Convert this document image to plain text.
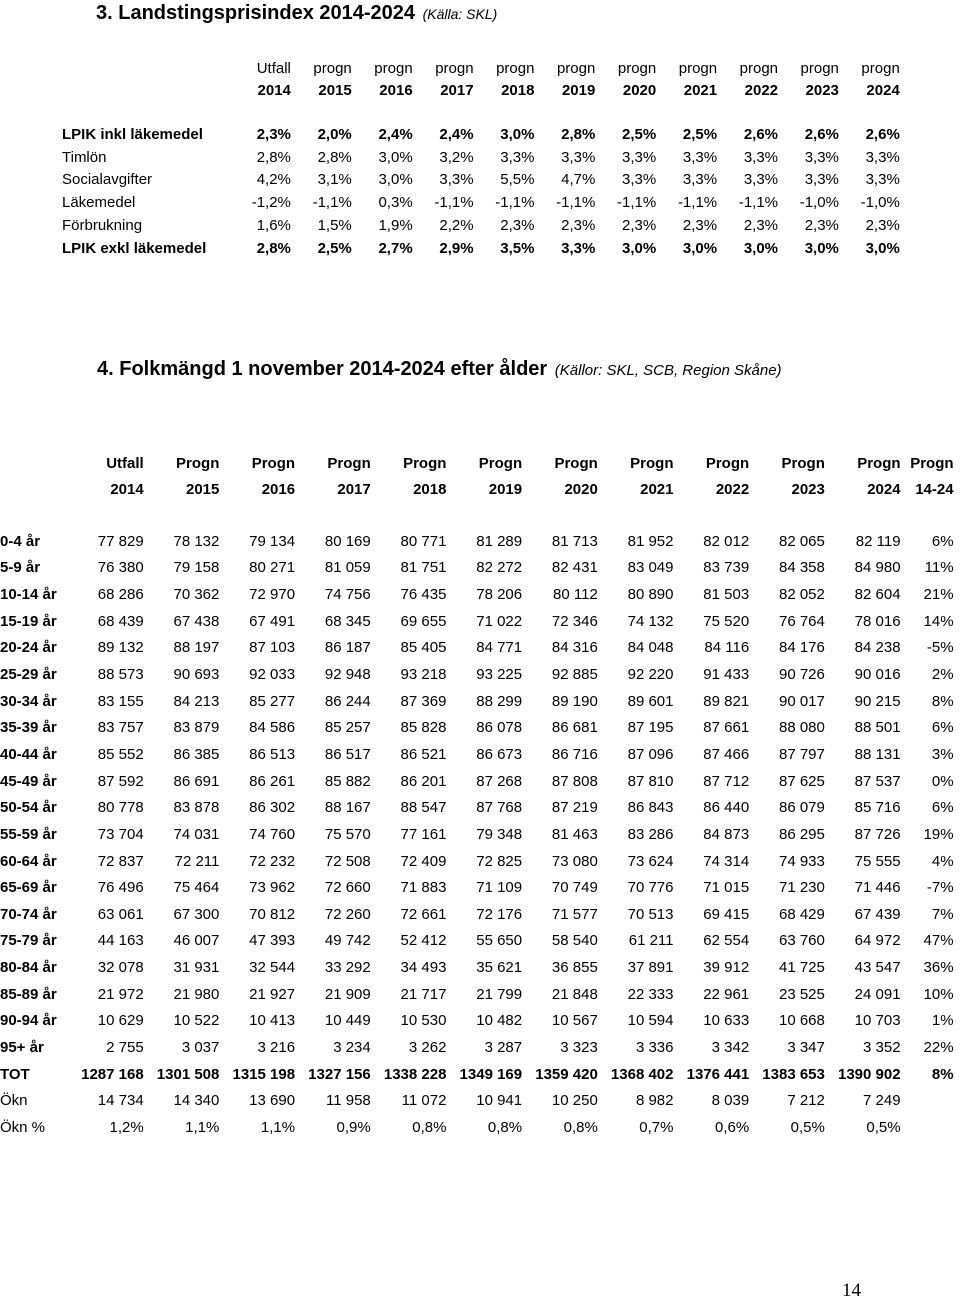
3. Landstingsprisindex 2014-2024 (Källa: SKL)
	Utfall	progn	progn	progn	progn	progn	progn	progn	progn	progn	progn
	2014	2015	2016	2017	2018	2019	2020	2021	2022	2023	2024

LPIK inkl läkemedel	2,3%	2,0%	2,4%	2,4%	3,0%	2,8%	2,5%	2,5%	2,6%	2,6%	2,6%
Timlön	2,8%	2,8%	3,0%	3,2%	3,3%	3,3%	3,3%	3,3%	3,3%	3,3%	3,3%
Socialavgifter	4,2%	3,1%	3,0%	3,3%	5,5%	4,7%	3,3%	3,3%	3,3%	3,3%	3,3%
Läkemedel	-1,2%	-1,1%	0,3%	-1,1%	-1,1%	-1,1%	-1,1%	-1,1%	-1,1%	-1,0%	-1,0%
Förbrukning	1,6%	1,5%	1,9%	2,2%	2,3%	2,3%	2,3%	2,3%	2,3%	2,3%	2,3%
LPIK exkl läkemedel	2,8%	2,5%	2,7%	2,9%	3,5%	3,3%	3,0%	3,0%	3,0%	3,0%	3,0%
4. Folkmängd 1 november 2014-2024 efter ålder (Källor: SKL, SCB, Region Skåne)
	Utfall	Progn	Progn	Progn	Progn	Progn	Progn	Progn	Progn	Progn	Progn	Progn
	2014	2015	2016	2017	2018	2019	2020	2021	2022	2023	2024	14-24

0-4 år	77 829	78 132	79 134	80 169	80 771	81 289	81 713	81 952	82 012	82 065	82 119	6%
5-9 år	76 380	79 158	80 271	81 059	81 751	82 272	82 431	83 049	83 739	84 358	84 980	11%
10-14 år	68 286	70 362	72 970	74 756	76 435	78 206	80 112	80 890	81 503	82 052	82 604	21%
15-19 år	68 439	67 438	67 491	68 345	69 655	71 022	72 346	74 132	75 520	76 764	78 016	14%
20-24 år	89 132	88 197	87 103	86 187	85 405	84 771	84 316	84 048	84 116	84 176	84 238	-5%
25-29 år	88 573	90 693	92 033	92 948	93 218	93 225	92 885	92 220	91 433	90 726	90 016	2%
30-34 år	83 155	84 213	85 277	86 244	87 369	88 299	89 190	89 601	89 821	90 017	90 215	8%
35-39 år	83 757	83 879	84 586	85 257	85 828	86 078	86 681	87 195	87 661	88 080	88 501	6%
40-44 år	85 552	86 385	86 513	86 517	86 521	86 673	86 716	87 096	87 466	87 797	88 131	3%
45-49 år	87 592	86 691	86 261	85 882	86 201	87 268	87 808	87 810	87 712	87 625	87 537	0%
50-54 år	80 778	83 878	86 302	88 167	88 547	87 768	87 219	86 843	86 440	86 079	85 716	6%
55-59 år	73 704	74 031	74 760	75 570	77 161	79 348	81 463	83 286	84 873	86 295	87 726	19%
60-64 år	72 837	72 211	72 232	72 508	72 409	72 825	73 080	73 624	74 314	74 933	75 555	4%
65-69 år	76 496	75 464	73 962	72 660	71 883	71 109	70 749	70 776	71 015	71 230	71 446	-7%
70-74 år	63 061	67 300	70 812	72 260	72 661	72 176	71 577	70 513	69 415	68 429	67 439	7%
75-79 år	44 163	46 007	47 393	49 742	52 412	55 650	58 540	61 211	62 554	63 760	64 972	47%
80-84 år	32 078	31 931	32 544	33 292	34 493	35 621	36 855	37 891	39 912	41 725	43 547	36%
85-89 år	21 972	21 980	21 927	21 909	21 717	21 799	21 848	22 333	22 961	23 525	24 091	10%
90-94 år	10 629	10 522	10 413	10 449	10 530	10 482	10 567	10 594	10 633	10 668	10 703	1%
95+ år	2 755	3 037	3 216	3 234	3 262	3 287	3 323	3 336	3 342	3 347	3 352	22%
TOT	1287 168	1301 508	1315 198	1327 156	1338 228	1349 169	1359 420	1368 402	1376 441	1383 653	1390 902	8%
Ökn	14 734	14 340	13 690	11 958	11 072	10 941	10 250	8 982	8 039	7 212	7 249	
Ökn %	1,2%	1,1%	1,1%	0,9%	0,8%	0,8%	0,8%	0,7%	0,6%	0,5%	0,5%	
14
